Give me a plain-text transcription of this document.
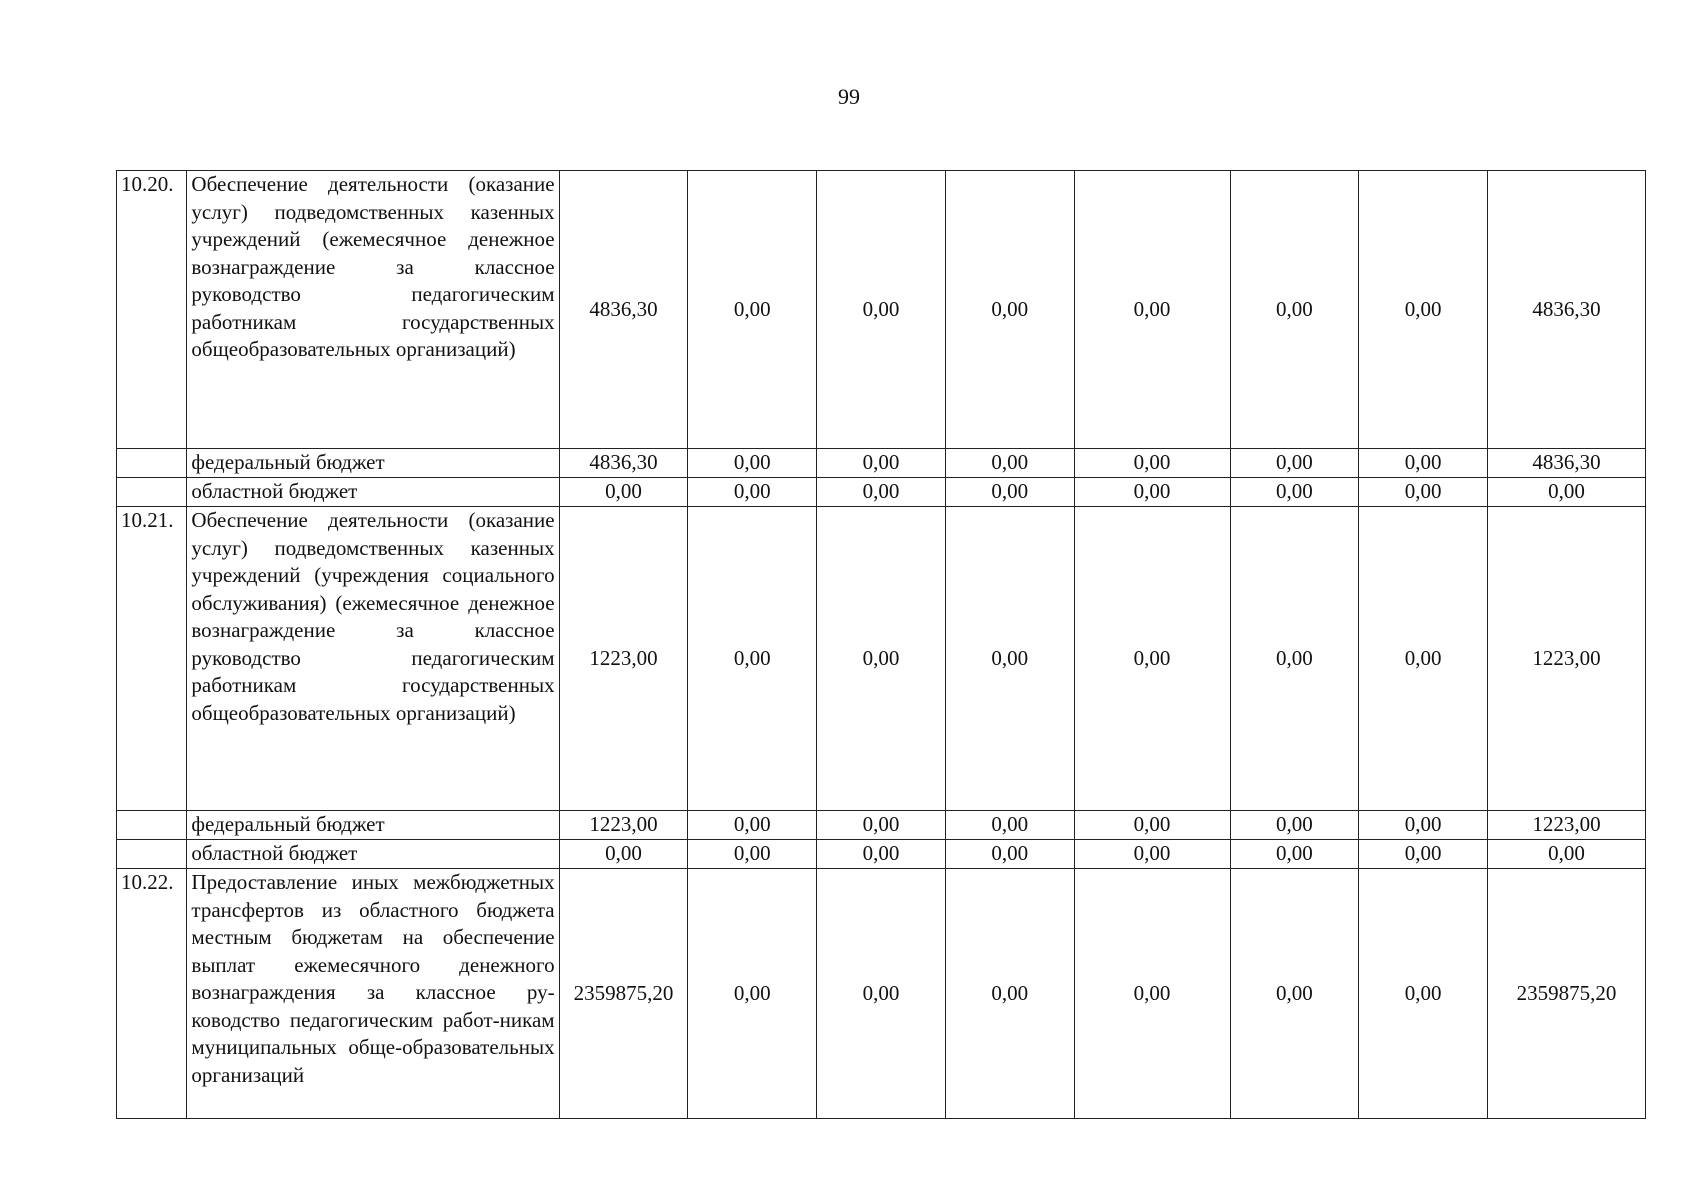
99
10.20.	Обеспечение деятельности (оказание услуг) подведомственных казенных учреждений (ежемесячное денежное вознаграждение за классное руководство педагогическим работникам государственных общеобразовательных организаций)	4836,30	0,00	0,00	0,00	0,00	0,00	0,00	4836,30
	федеральный бюджет	4836,30	0,00	0,00	0,00	0,00	0,00	0,00	4836,30
	областной бюджет	0,00	0,00	0,00	0,00	0,00	0,00	0,00	0,00
10.21.	Обеспечение деятельности (оказание услуг) подведомственных казенных учреждений (учреждения социального обслуживания) (ежемесячное денежное вознаграждение за классное руководство педагогическим работникам государственных общеобразовательных организаций)	1223,00	0,00	0,00	0,00	0,00	0,00	0,00	1223,00
	федеральный бюджет	1223,00	0,00	0,00	0,00	0,00	0,00	0,00	1223,00
	областной бюджет	0,00	0,00	0,00	0,00	0,00	0,00	0,00	0,00
10.22.	Предоставление иных межбюджетных трансфертов из областного бюджета местным бюджетам на обеспечение выплат ежемесячного денежного вознаграждения за классное ру-ководство педагогическим работ-никам муниципальных обще-образовательных организаций	2359875,20	0,00	0,00	0,00	0,00	0,00	0,00	2359875,20
